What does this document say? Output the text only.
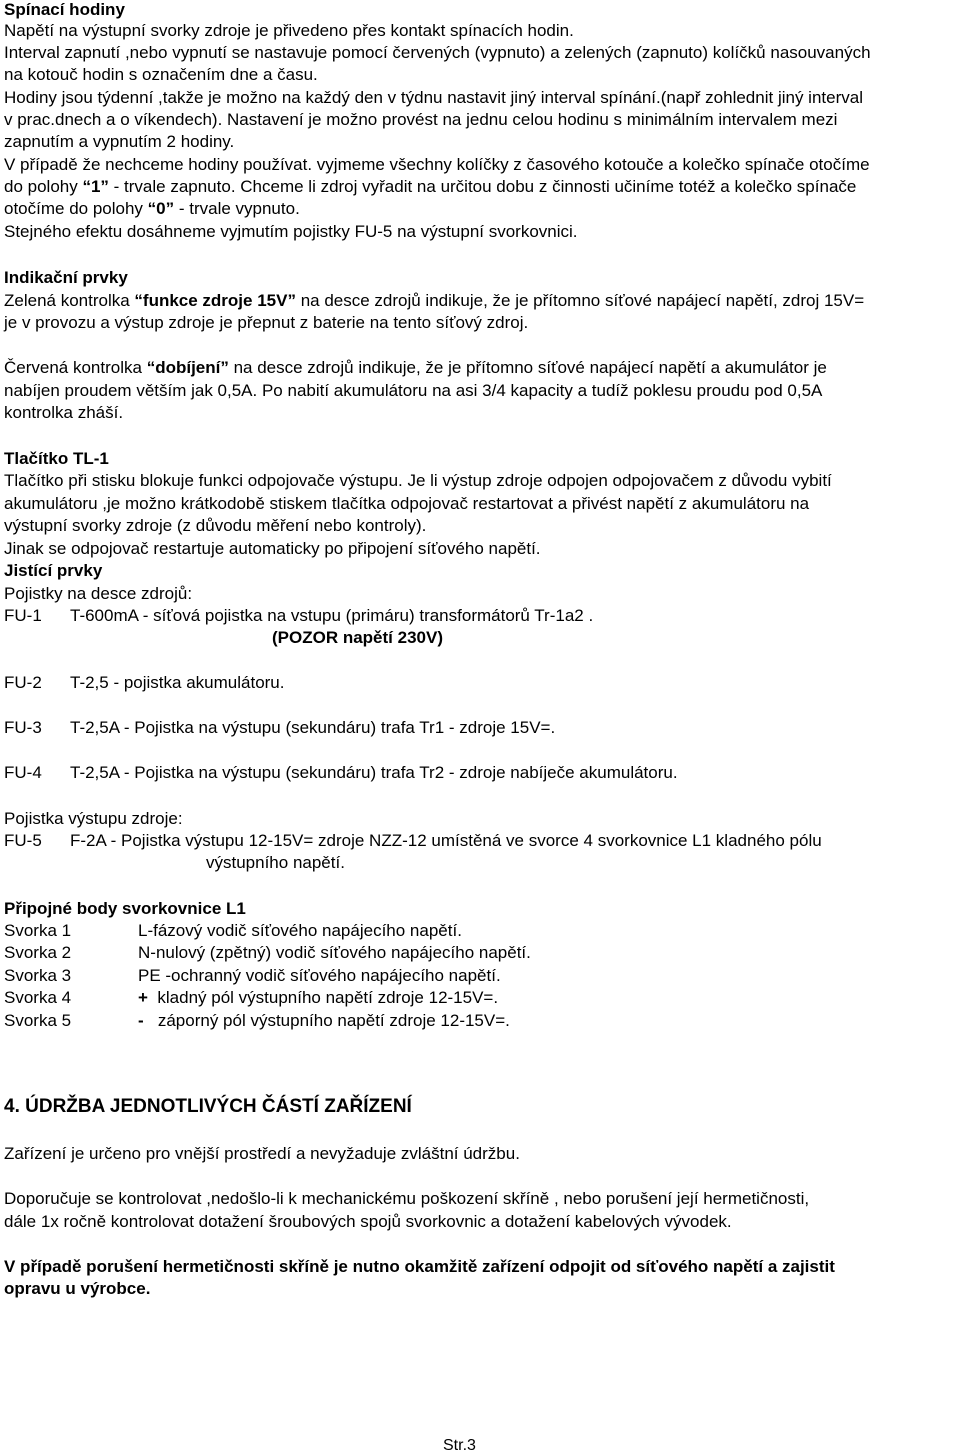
Spínací hodiny
Napětí na výstupní svorky zdroje je přivedeno přes kontakt spínacích hodin.
Interval zapnutí ,nebo vypnutí se nastavuje pomocí červených (vypnuto) a zelených (zapnuto) kolíčků nasouvaných
na kotouč hodin s označením dne a času.
Hodiny jsou týdenní ,takže je možno na každý den v týdnu nastavit jiný interval spínání.(např zohlednit jiný interval
v prac.dnech a o víkendech). Nastavení je možno provést na jednu celou hodinu s minimálním intervalem mezi
zapnutím a vypnutím 2 hodiny.
V případě že nechceme hodiny používat. vyjmeme všechny kolíčky z časového kotouče a kolečko spínače otočíme
do polohy “1” - trvale zapnuto. Chceme li zdroj vyřadit na určitou dobu z činnosti učiníme totéž a kolečko spínače
otočíme do polohy “0” - trvale vypnuto.
Stejného efektu dosáhneme vyjmutím pojistky FU-5 na výstupní svorkovnici.
Indikační prvky
Zelená kontrolka “funkce zdroje 15V” na desce zdrojů indikuje, že je přítomno síťové napájecí napětí, zdroj 15V=
je v provozu a výstup zdroje je přepnut z baterie na tento síťový zdroj.
Červená kontrolka “dobíjení” na desce zdrojů indikuje, že je přítomno síťové napájecí napětí a akumulátor je
nabíjen proudem větším jak 0,5A. Po nabití akumulátoru na asi 3/4 kapacity a tudíž poklesu proudu pod 0,5A
kontrolka zháší.
Tlačítko TL-1
Tlačítko při stisku blokuje funkci odpojovače výstupu. Je li výstup zdroje odpojen odpojovačem z důvodu vybití
akumulátoru ,je možno krátkodobě stiskem tlačítka odpojovač restartovat a přivést napětí z akumulátoru na
výstupní svorky zdroje (z důvodu měření nebo kontroly).
Jinak se odpojovač restartuje automaticky po připojení síťového napětí.
Jistící prvky
Pojistky na desce zdrojů:
FU-1 T-600mA - síťová pojistka na vstupu (primáru) transformátorů Tr-1a2 .
(POZOR napětí 230V)
FU-2 T-2,5 - pojistka akumulátoru.
FU-3 T-2,5A - Pojistka na výstupu (sekundáru) trafa Tr1 - zdroje 15V=.
FU-4 T-2,5A - Pojistka na výstupu (sekundáru) trafa Tr2 - zdroje nabíječe akumulátoru.
Pojistka výstupu zdroje:
FU-5 F-2A - Pojistka výstupu 12-15V= zdroje NZZ-12 umístěná ve svorce 4 svorkovnice L1 kladného pólu
výstupního napětí.
Připojné body svorkovnice L1
Svorka 1	L-fázový vodič síťového napájecího napětí.
Svorka 2	N-nulový (zpětný) vodič síťového napájecího napětí.
Svorka 3	PE -ochranný vodič síťového napájecího napětí.
Svorka 4	+  kladný pól výstupního napětí zdroje 12-15V=.
Svorka 5	-   záporný pól výstupního napětí zdroje 12-15V=.
4. ÚDRŽBA JEDNOTLIVÝCH ČÁSTÍ ZAŘÍZENÍ
Zařízení je určeno pro vnější prostředí a nevyžaduje zvláštní údržbu.
Doporučuje se kontrolovat ,nedošlo-li k mechanickému poškození skříně , nebo porušení její hermetičnosti,
dále 1x ročně kontrolovat dotažení šroubových spojů svorkovnic a dotažení kabelových vývodek.
V případě porušení hermetičnosti skříně je nutno okamžitě zařízení odpojit od síťového napětí a zajistit
opravu u výrobce.
Str.3
